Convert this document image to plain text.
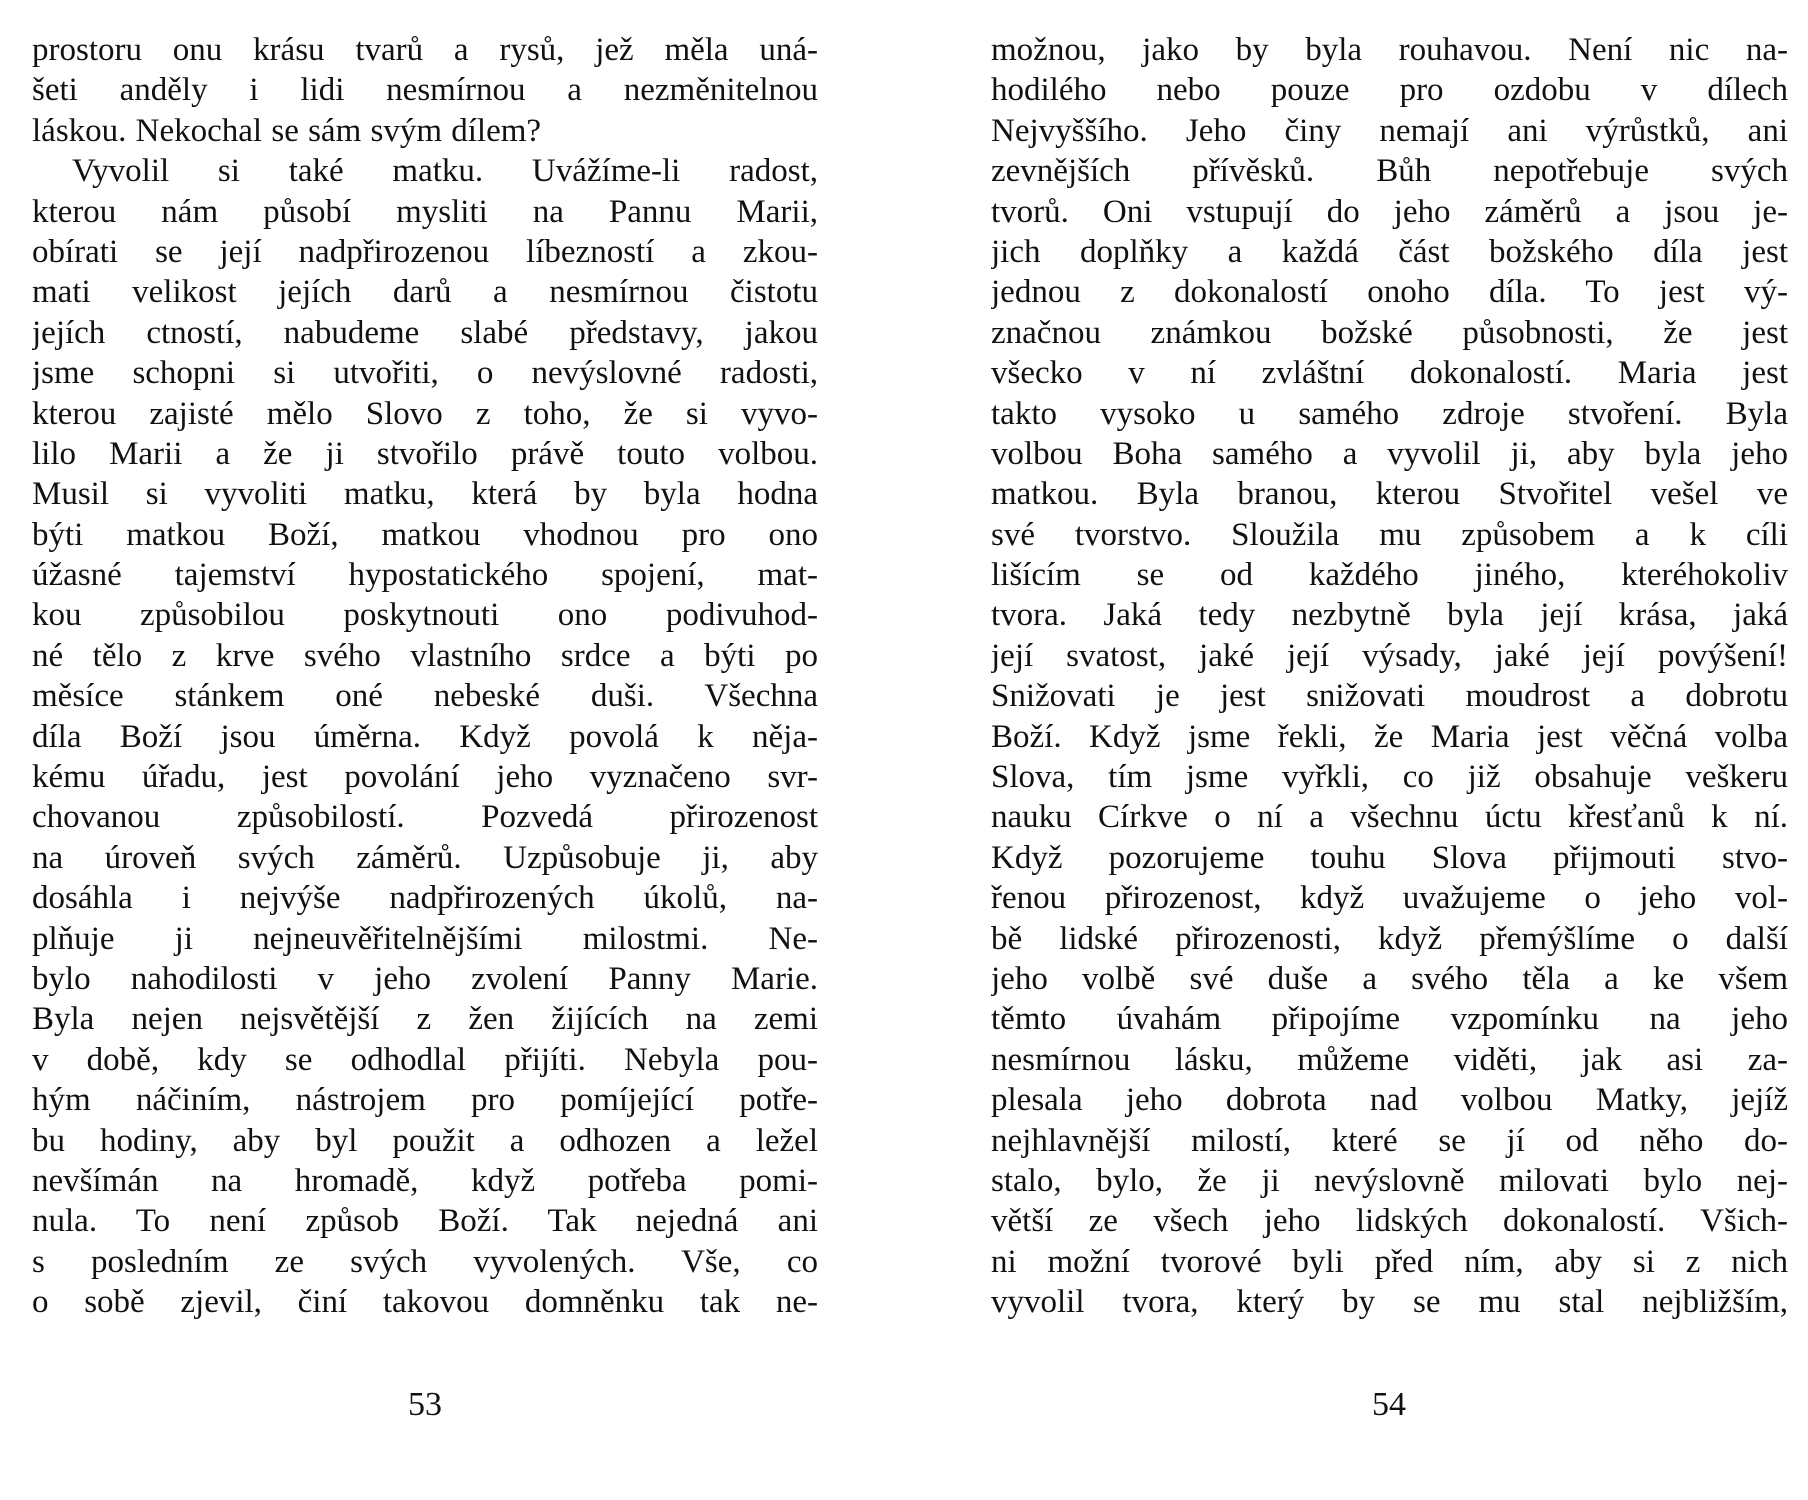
prostoru onu krásu tvarů a rysů, jež měla uná-
šeti anděly i lidi nesmírnou a nezměnitelnou
láskou. Nekochal se sám svým dílem?
Vyvolil si také matku. Uvážíme-li radost,
kterou nám působí mysliti na Pannu Marii,
obírati se její nadpřirozenou líbezností a zkou-
mati velikost jejích darů a nesmírnou čistotu
jejích ctností, nabudeme slabé představy, jakou
jsme schopni si utvořiti, o nevýslovné radosti,
kterou zajisté mělo Slovo z toho, že si vyvo-
lilo Marii a že ji stvořilo právě touto volbou.
Musil si vyvoliti matku, která by byla hodna
býti matkou Boží, matkou vhodnou pro ono
úžasné tajemství hypostatického spojení, mat-
kou způsobilou poskytnouti ono podivuhod-
né tělo z krve svého vlastního srdce a býti po
měsíce stánkem oné nebeské duši. Všechna
díla Boží jsou úměrna. Když povolá k něja-
kému úřadu, jest povolání jeho vyznačeno svr-
chovanou způsobilostí. Pozvedá přirozenost
na úroveň svých záměrů. Uzpůsobuje ji, aby
dosáhla i nejvýše nadpřirozených úkolů, na-
plňuje ji nejneuvěřitelnějšími milostmi. Ne-
bylo nahodilosti v jeho zvolení Panny Marie.
Byla nejen nejsvětější z žen žijících na zemi
v době, kdy se odhodlal přijíti. Nebyla pou-
hým náčiním, nástrojem pro pomíjející potře-
bu hodiny, aby byl použit a odhozen a ležel
nevšímán na hromadě, když potřeba pomi-
nula. To není způsob Boží. Tak nejedná ani
s posledním ze svých vyvolených. Vše, co
o sobě zjevil, činí takovou domněnku tak ne-
možnou, jako by byla rouhavou. Není nic na-
hodilého nebo pouze pro ozdobu v dílech
Nejvyššího. Jeho činy nemají ani výrůstků, ani
zevnějších přívěsků. Bůh nepotřebuje svých
tvorů. Oni vstupují do jeho záměrů a jsou je-
jich doplňky a každá část božského díla jest
jednou z dokonalostí onoho díla. To jest vý-
značnou známkou božské působnosti, že jest
všecko v ní zvláštní dokonalostí. Maria jest
takto vysoko u samého zdroje stvoření. Byla
volbou Boha samého a vyvolil ji, aby byla jeho
matkou. Byla branou, kterou Stvořitel vešel ve
své tvorstvo. Sloužila mu způsobem a k cíli
lišícím se od každého jiného, kteréhokoliv
tvora. Jaká tedy nezbytně byla její krása, jaká
její svatost, jaké její výsady, jaké její povýšení!
Snižovati je jest snižovati moudrost a dobrotu
Boží. Když jsme řekli, že Maria jest věčná volba
Slova, tím jsme vyřkli, co již obsahuje veškeru
nauku Církve o ní a všechnu úctu křesťanů k ní.
Když pozorujeme touhu Slova přijmouti stvo-
řenou přirozenost, když uvažujeme o jeho vol-
bě lidské přirozenosti, když přemýšlíme o další
jeho volbě své duše a svého těla a ke všem
těmto úvahám připojíme vzpomínku na jeho
nesmírnou lásku, můžeme viděti, jak asi za-
plesala jeho dobrota nad volbou Matky, jejíž
nejhlavnější milostí, které se jí od něho do-
stalo, bylo, že ji nevýslovně milovati bylo nej-
větší ze všech jeho lidských dokonalostí. Všich-
ni možní tvorové byli před ním, aby si z nich
vyvolil tvora, který by se mu stal nejbližším,
53	54
